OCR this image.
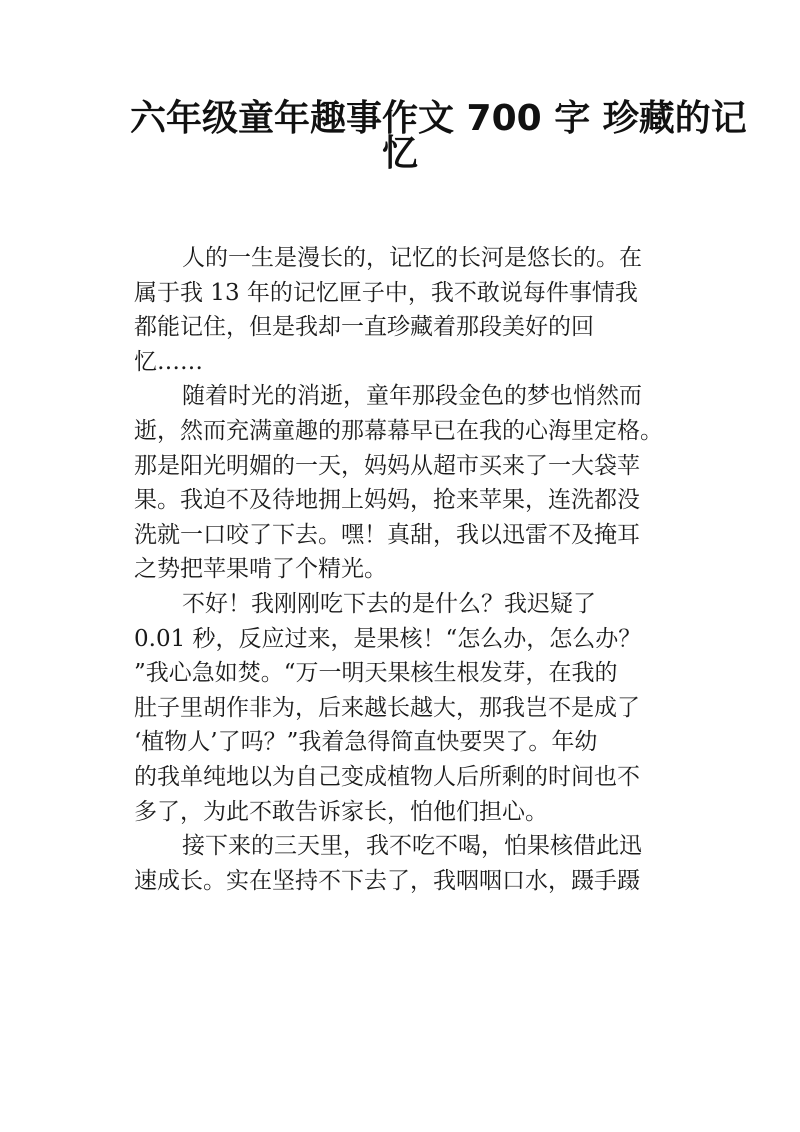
六年级童年趣事作文 700 字 珍藏的记
忆
人的一生是漫长的，记忆的长河是悠长的。在
属于我 13 年的记忆匣子中，我不敢说每件事情我
都能记住，但是我却一直珍藏着那段美好的回
忆……
随着时光的消逝，童年那段金色的梦也悄然而
逝，然而充满童趣的那幕幕早已在我的心海里定格。
那是阳光明媚的一天，妈妈从超市买来了一大袋苹
果。我迫不及待地拥上妈妈，抢来苹果，连洗都没
洗就一口咬了下去。嘿！真甜，我以迅雷不及掩耳
之势把苹果啃了个精光。
不好！我刚刚吃下去的是什么？我迟疑了
0.01 秒，反应过来，是果核！“怎么办，怎么办？
”我心急如焚。“万一明天果核生根发芽，在我的
肚子里胡作非为，后来越长越大，那我岂不是成了
‘植物人’了吗？”我着急得简直快要哭了。年幼
的我单纯地以为自己变成植物人后所剩的时间也不
多了，为此不敢告诉家长，怕他们担心。
接下来的三天里，我不吃不喝，怕果核借此迅
速成长。实在坚持不下去了，我咽咽口水，蹑手蹑
